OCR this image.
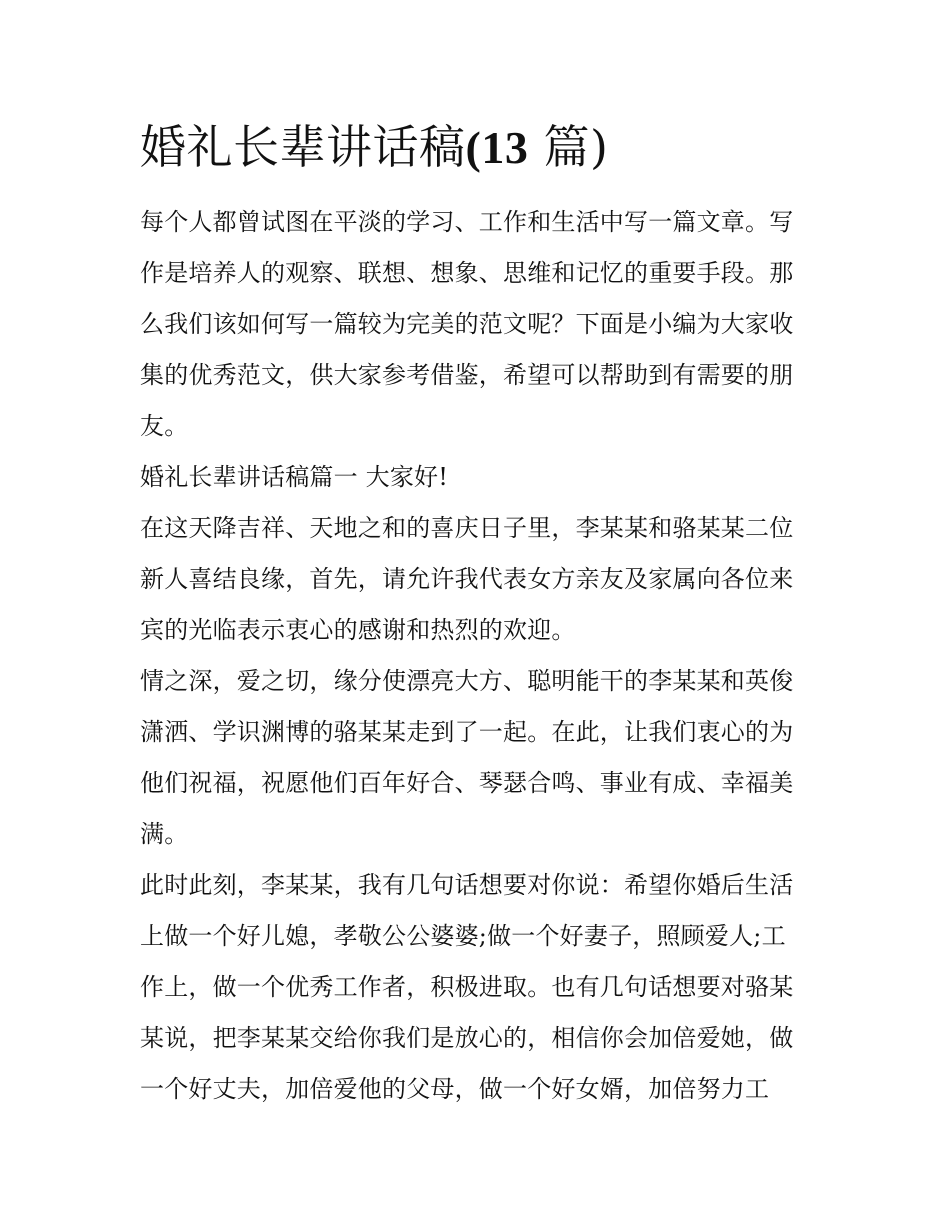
婚礼长辈讲话稿(13 篇)
每个人都曾试图在平淡的学习、工作和生活中写一篇文章。写
作是培养人的观察、联想、想象、思维和记忆的重要手段。那
么我们该如何写一篇较为完美的范文呢？下面是小编为大家收
集的优秀范文，供大家参考借鉴，希望可以帮助到有需要的朋
友。
婚礼长辈讲话稿篇一 大家好!
在这天降吉祥、天地之和的喜庆日子里，李某某和骆某某二位
新人喜结良缘，首先，请允许我代表女方亲友及家属向各位来
宾的光临表示衷心的感谢和热烈的欢迎。
情之深，爱之切，缘分使漂亮大方、聪明能干的李某某和英俊
潇洒、学识渊博的骆某某走到了一起。在此，让我们衷心的为
他们祝福，祝愿他们百年好合、琴瑟合鸣、事业有成、幸福美
满。
此时此刻，李某某，我有几句话想要对你说：希望你婚后生活
上做一个好儿媳，孝敬公公婆婆;做一个好妻子，照顾爱人;工
作上，做一个优秀工作者，积极进取。也有几句话想要对骆某
某说，把李某某交给你我们是放心的，相信你会加倍爱她，做
一个好丈夫，加倍爱他的父母，做一个好女婿，加倍努力工
